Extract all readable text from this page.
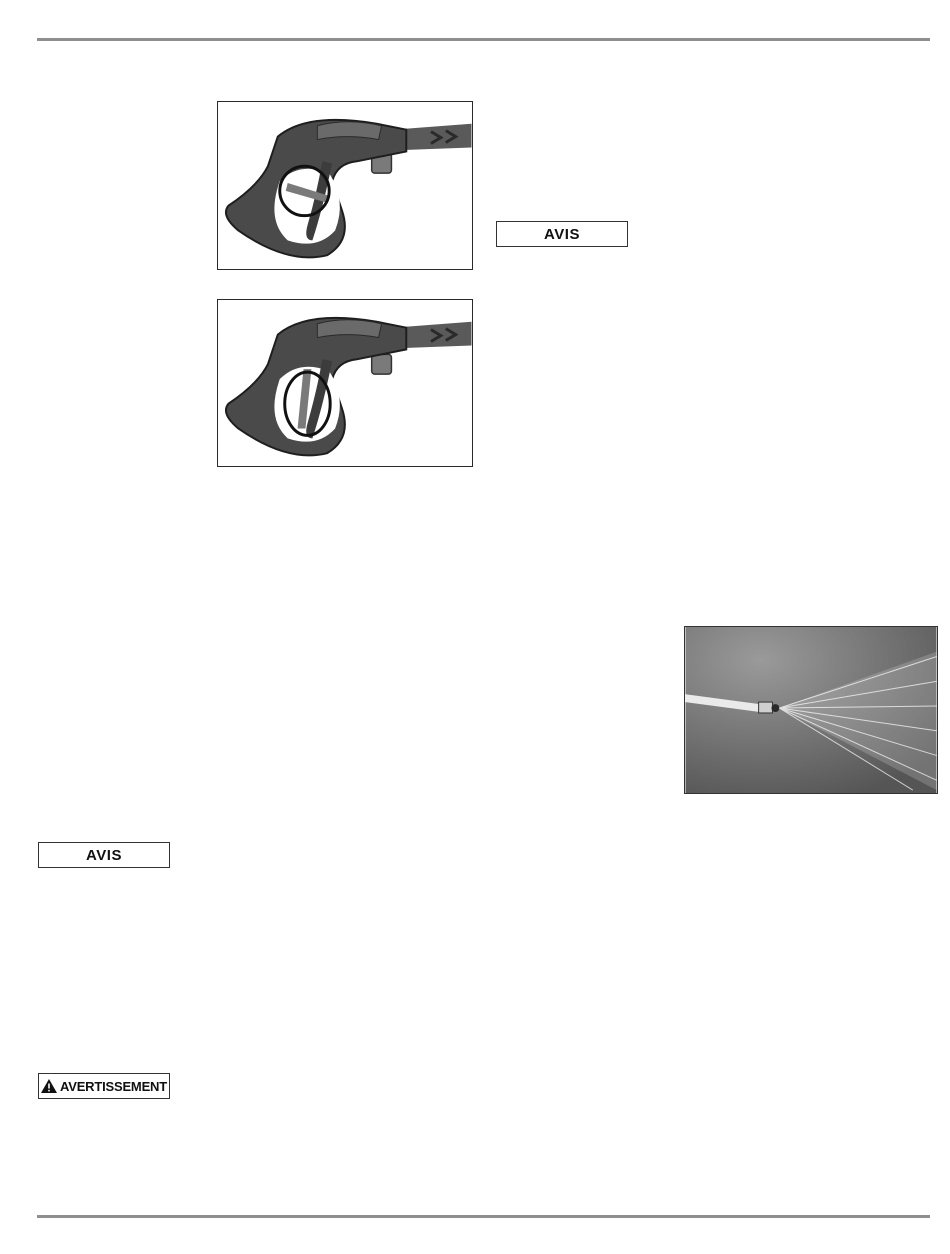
AVIS
AVIS
AVERTISSEMENT
